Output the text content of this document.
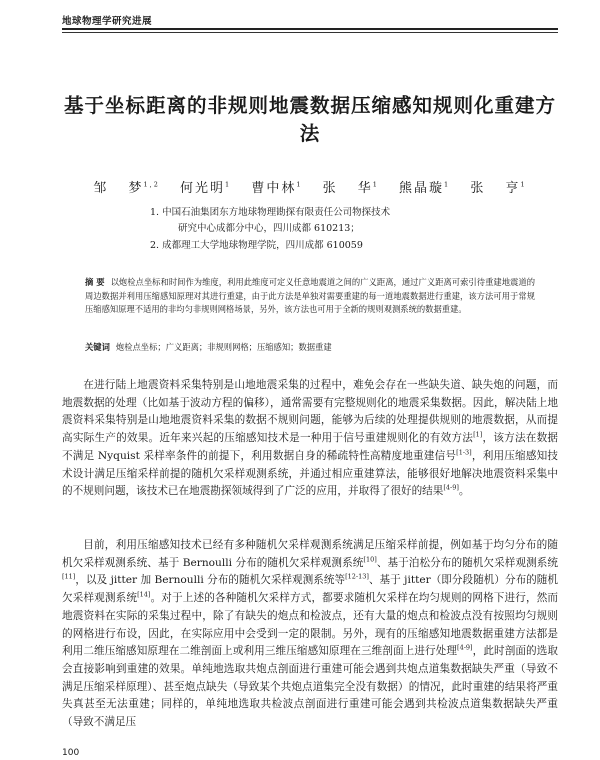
地球物理学研究进展
基于坐标距离的非规则地震数据压缩感知规则化重建方法
邹 梦$^{1,2}$ 何光明$^1$ 曹中林$^1$ 张 华$^1$ 熊晶璇$^1$ 张 亨$^1$
1. 中国石油集团东方地球物理勘探有限责任公司物探技术
研究中心成都分中心，四川成都 610213；
2. 成都理工大学地球物理学院，四川成都 610059
摘 要 以炮检点坐标和时间作为维度，利用此维度可定义任意地震道之间的广义距离，通过广义距离可索引待重建地震道的周边数据并利用压缩感知原理对其进行重建，由于此方法是单独对需要重建的每一道地震数据进行重建，该方法可用于常规压缩感知原理不适用的非均匀非规则网格场景，另外，该方法也可用于全新的规则观测系统的数据重建。
关键词 炮检点坐标；广义距离；非规则网格；压缩感知；数据重建
在进行陆上地震资料采集特别是山地地震采集的过程中，难免会存在一些缺失道、缺失炮的问题，而地震数据的处理（比如基于波动方程的偏移），通常需要有完整规则化的地震采集数据。因此，解决陆上地震资料采集特别是山地地震资料采集的数据不规则问题，能够为后续的处理提供规则的地震数据，从而提高实际生产的效果。近年来兴起的压缩感知技术是一种用于信号重建规则化的有效方法[1]，该方法在数据不满足 Nyquist 采样率条件的前提下，利用数据自身的稀疏特性高精度地重建信号[1-3]，利用压缩感知技术设计满足压缩采样前提的随机欠采样观测系统，并通过相应重建算法，能够很好地解决地震资料采集中的不规则问题，该技术已在地震勘探领域得到了广泛的应用，并取得了很好的结果[4-9]。
目前，利用压缩感知技术已经有多种随机欠采样观测系统满足压缩采样前提，例如基于均匀分布的随机欠采样观测系统、基于 Bernoulli 分布的随机欠采样观测系统[10]、基于泊松分布的随机欠采样观测系统[11]，以及 jitter 加 Bernoulli 分布的随机欠采样观测系统等[12-13]、基于 jitter（即分段随机）分布的随机欠采样观测系统[14]。对于上述的各种随机欠采样方式，都要求随机欠采样在均匀规则的网格下进行，然而地震资料在实际的采集过程中，除了有缺失的炮点和检波点，还有大量的炮点和检波点没有按照均匀规则的网格进行布设，因此，在实际应用中会受到一定的限制。另外，现有的压缩感知地震数据重建方法都是利用二维压缩感知原理在二维剖面上或利用三维压缩感知原理在三维剖面上进行处理[4-9]，此时剖面的选取会直接影响到重建的效果。单纯地选取共炮点剖面进行重建可能会遇到共炮点道集数据缺失严重（导致不满足压缩采样原理）、甚至炮点缺失（导致某个共炮点道集完全没有数据）的情况，此时重建的结果将严重失真甚至无法重建；同样的，单纯地选取共检波点剖面进行重建可能会遇到共检波点道集数据缺失严重（导致不满足压
100
